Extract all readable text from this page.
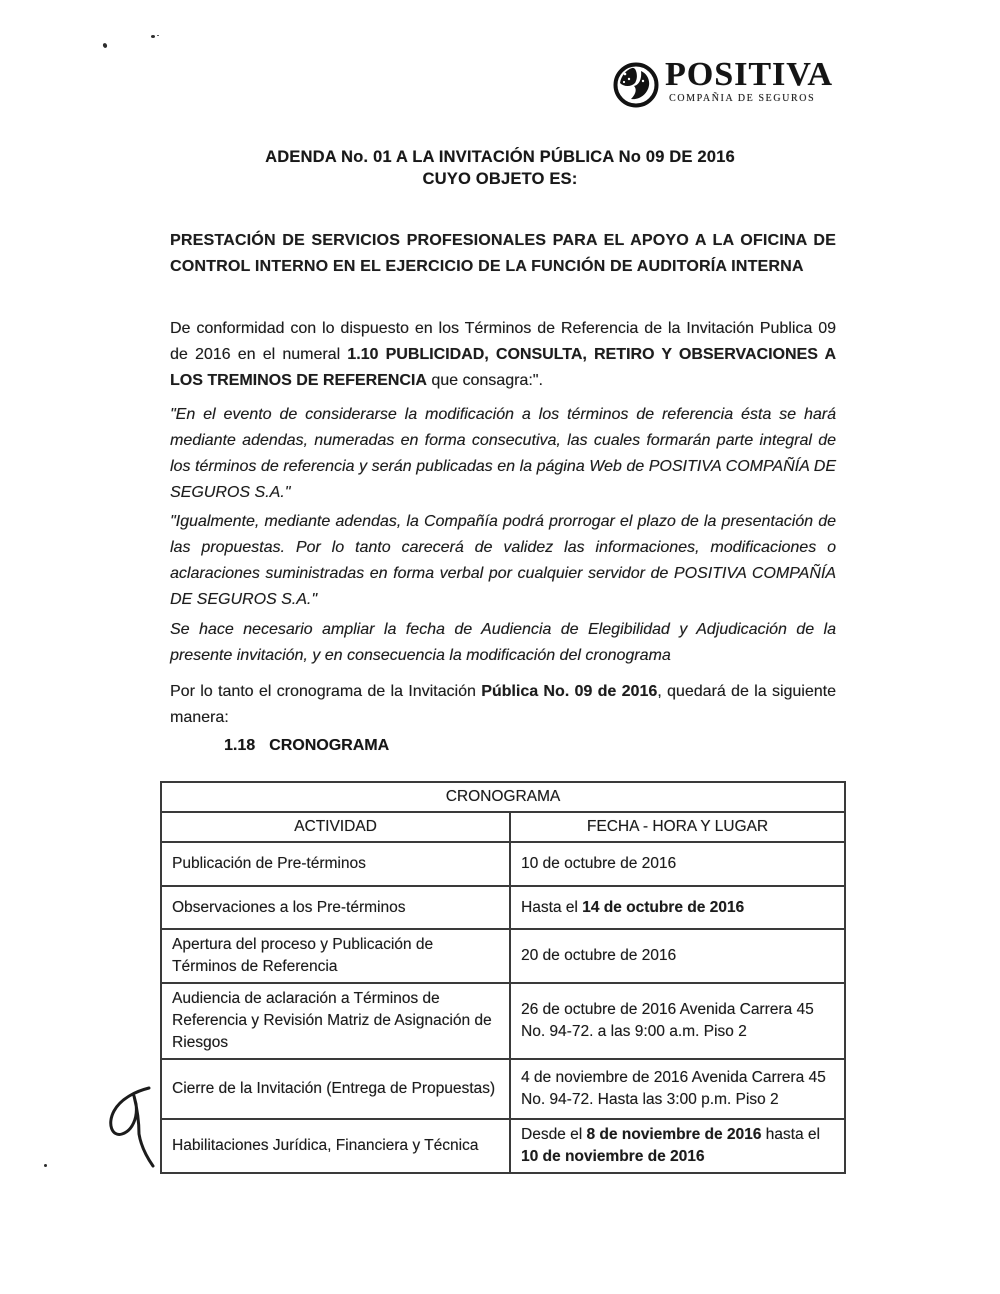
POSITIVA
COMPAÑIA DE SEGUROS
ADENDA No. 01 A LA INVITACIÓN PÚBLICA No 09 DE 2016
CUYO OBJETO ES:

PRESTACIÓN DE SERVICIOS PROFESIONALES PARA EL APOYO A LA OFICINA DE CONTROL INTERNO EN EL EJERCICIO DE LA FUNCIÓN DE AUDITORÍA INTERNA

De conformidad con lo dispuesto en los Términos de Referencia de la Invitación Publica 09 de 2016 en el numeral 1.10 PUBLICIDAD, CONSULTA, RETIRO Y OBSERVACIONES A LOS TREMINOS DE REFERENCIA que consagra:".

"En el evento de considerarse la modificación a los términos de referencia ésta se hará mediante adendas, numeradas en forma consecutiva, las cuales formarán parte integral de los términos de referencia y serán publicadas en la página Web de POSITIVA COMPAÑÍA DE SEGUROS S.A."

"Igualmente, mediante adendas, la Compañía podrá prorrogar el plazo de la presentación de las propuestas. Por lo tanto carecerá de validez las informaciones, modificaciones o aclaraciones suministradas en forma verbal por cualquier servidor de POSITIVA COMPAÑÍA DE SEGUROS S.A."

Se hace necesario ampliar la fecha de Audiencia de Elegibilidad y Adjudicación de la presente invitación, y en consecuencia la modificación del cronograma

Por lo tanto el cronograma de la Invitación Pública No. 09 de 2016, quedará de la siguiente manera:

1.18 CRONOGRAMA
CRONOGRAMA	
ACTIVIDAD	FECHA - HORA Y LUGAR
Publicación de Pre-términos	10 de octubre de 2016
Observaciones a los Pre-términos	Hasta el 14 de octubre de 2016
Apertura del proceso y Publicación de Términos de Referencia	20 de octubre de 2016
Audiencia de aclaración a Términos de Referencia y Revisión Matriz de Asignación de Riesgos	26 de octubre de 2016 Avenida Carrera 45 No. 94-72. a las 9:00 a.m. Piso 2
Cierre de la Invitación (Entrega de Propuestas)	4 de noviembre de 2016 Avenida Carrera 45 No. 94-72. Hasta las 3:00 p.m. Piso 2
Habilitaciones Jurídica, Financiera y Técnica	Desde el 8 de noviembre de 2016 hasta el 10 de noviembre de 2016
